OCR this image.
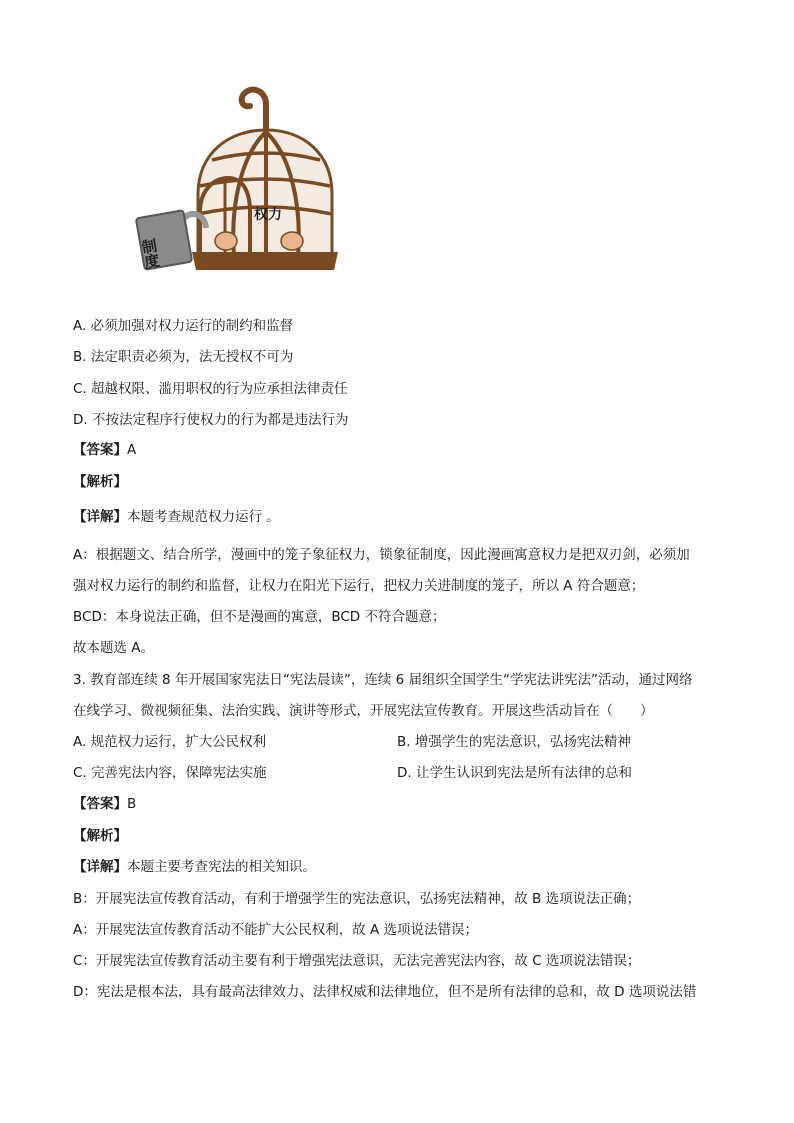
制度
权力
A. 必须加强对权力运行的制约和监督
B. 法定职责必须为，法无授权不可为
C. 超越权限、滥用职权的行为应承担法律责任
D. 不按法定程序行使权力的行为都是违法行为
【答案】A
【解析】
【详解】本题考查规范权力运行 。
A：根据题文、结合所学，漫画中的笼子象征权力，锁象征制度，因此漫画寓意权力是把双刃剑，必须加
强对权力运行的制约和监督，让权力在阳光下运行，把权力关进制度的笼子，所以 A 符合题意；
BCD：本身说法正确，但不是漫画的寓意，BCD 不符合题意；
故本题选 A。
3. 教育部连续 8 年开展国家宪法日“宪法晨读”，连续 6 届组织全国学生“学宪法讲宪法”活动，通过网络
在线学习、微视频征集、法治实践、演讲等形式，开展宪法宣传教育。开展这些活动旨在（　　）
A. 规范权力运行，扩大公民权利	B. 增强学生的宪法意识，弘扬宪法精神
C. 完善宪法内容，保障宪法实施	D. 让学生认识到宪法是所有法律的总和
【答案】B
【解析】
【详解】本题主要考查宪法的相关知识。
B：开展宪法宣传教育活动，有利于增强学生的宪法意识，弘扬宪法精神，故 B 选项说法正确；
A：开展宪法宣传教育活动不能扩大公民权利，故 A 选项说法错误；
C：开展宪法宣传教育活动主要有利于增强宪法意识，无法完善宪法内容，故 C 选项说法错误；
D：宪法是根本法，具有最高法律效力、法律权威和法律地位，但不是所有法律的总和，故 D 选项说法错
